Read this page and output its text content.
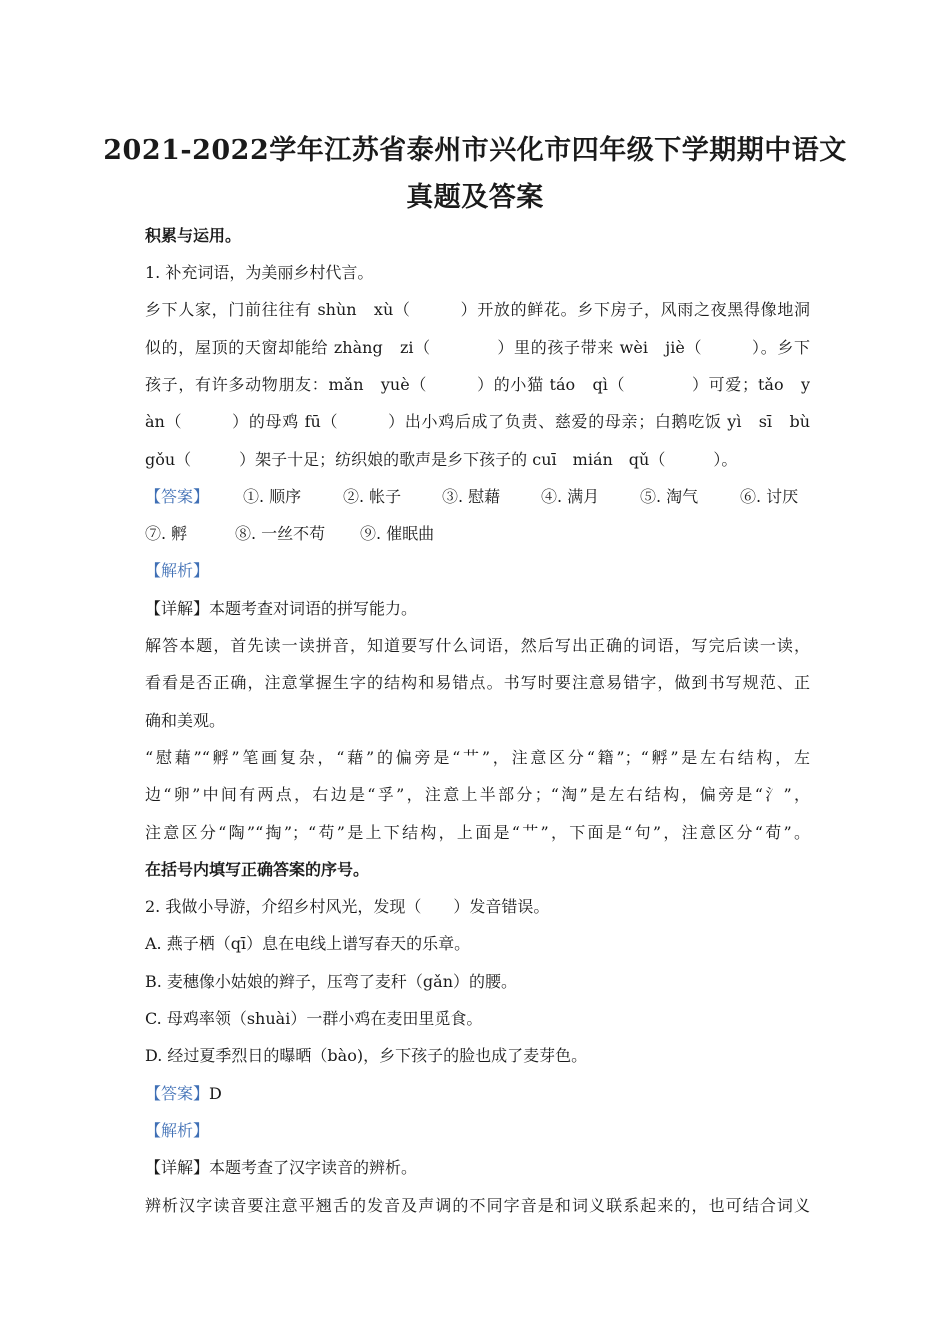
2021-2022学年江苏省泰州市兴化市四年级下学期期中语文
真题及答案
积累与运用。
1. 补充词语，为美丽乡村代言。
乡下人家，门前往往有 shùn　xù（　　　）开放的鲜花。乡下房子，风雨之夜黑得像地洞
似的，屋顶的天窗却能给 zhàng　zi（　　　　）里的孩子带来 wèi　jiè（　　　）。乡下
孩子，有许多动物朋友：mǎn　yuè（　　　）的小猫 táo　qì（　　　　）可爱；tǎo　y
àn（　　　）的母鸡 fū（　　　）出小鸡后成了负责、慈爱的母亲；白鹅吃饭 yì　sī　bù
gǒu（　　　）架子十足；纺织娘的歌声是乡下孩子的 cuī　mián　qǔ（　　　）。
【答案】 ①. 顺序	②. 帐子	③. 慰藉	④. 满月	⑤. 淘气	⑥. 讨厌
⑦. 孵	⑧. 一丝不苟 ⑨. 催眠曲
【解析】
【详解】本题考查对词语的拼写能力。
解答本题，首先读一读拼音，知道要写什么词语，然后写出正确的词语，写完后读一读，
看看是否正确，注意掌握生字的结构和易错点。书写时要注意易错字，做到书写规范、正
确和美观。
“慰藉”“孵”笔画复杂，“藉”的偏旁是“艹”，注意区分“籍”；“孵”是左右结构，左
边“卵”中间有两点，右边是“孚”，注意上半部分；“淘”是左右结构，偏旁是“氵”，
注意区分“陶”“掏”；“苟”是上下结构，上面是“艹”，下面是“句”，注意区分“荀”。
在括号内填写正确答案的序号。
2. 我做小导游，介绍乡村风光，发现（　　）发音错误。
A. 燕子栖（qī）息在电线上谱写春天的乐章。
B. 麦穗像小姑娘的辫子，压弯了麦秆（gǎn）的腰。
C. 母鸡率领（shuài）一群小鸡在麦田里觅食。
D. 经过夏季烈日的曝晒（bào)，乡下孩子的脸也成了麦芽色。
【答案】D
【解析】
【详解】本题考查了汉字读音的辨析。
辨析汉字读音要注意平翘舌的发音及声调的不同字音是和词义联系起来的，也可结合词义
